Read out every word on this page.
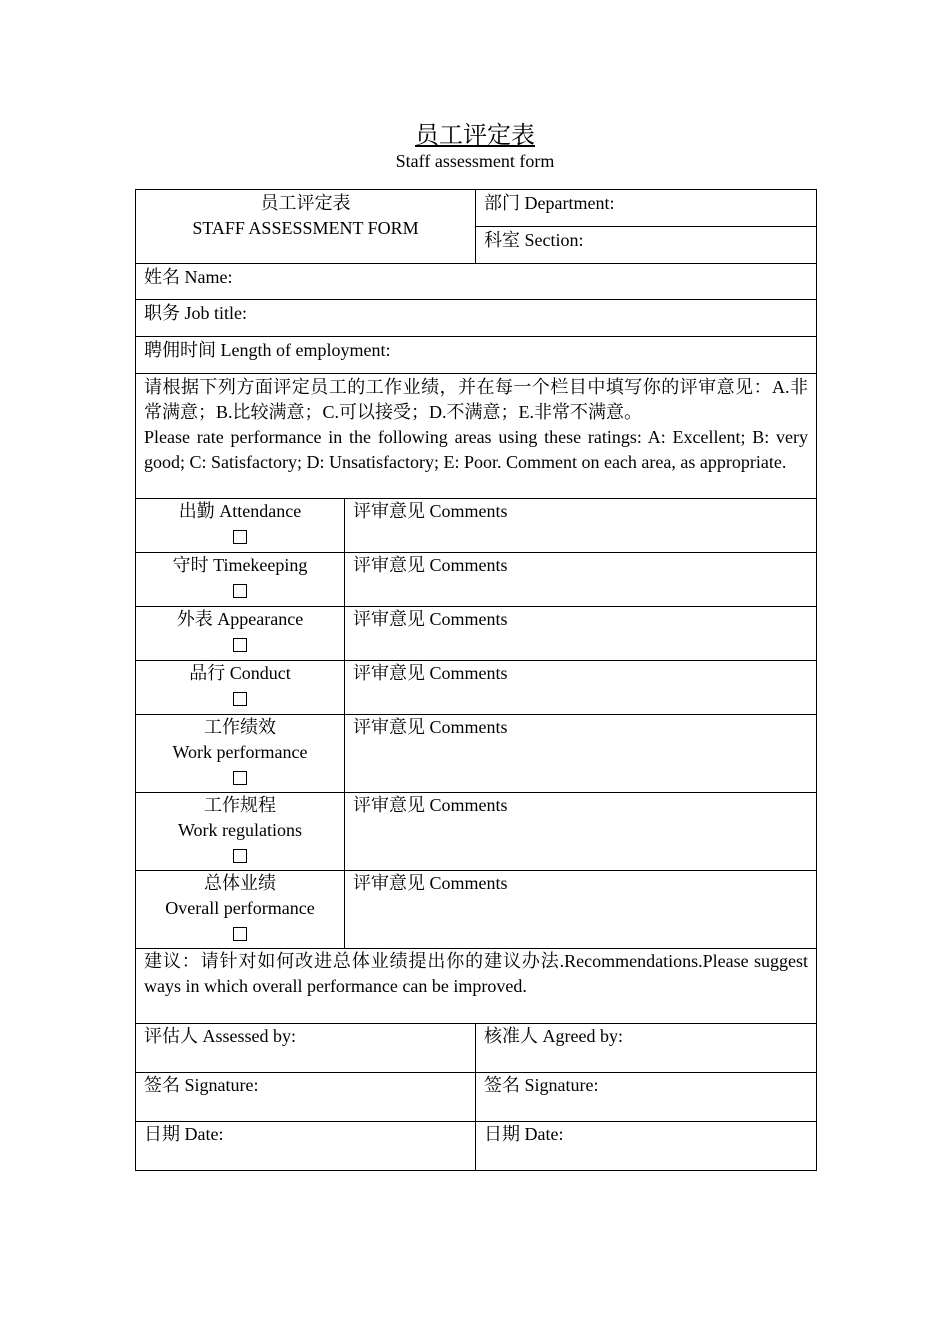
员工评定表
Staff assessment form
员工评定表
STAFF ASSESSMENT FORM		部门 Department:
		科室 Section:
姓名 Name:		
职务 Job title:		
聘佣时间 Length of employment:		

请根据下列方面评定员工的工作业绩，并在每一个栏目中填写你的评审意见：A.非常满意；B.比较满意；C.可以接受；D.不满意；E.非常不满意。
Please rate performance in the following areas using these ratings: A: Excellent; B: very good; C: Satisfactory; D: Unsatisfactory; E: Poor. Comment on each area, as appropriate.		

出勤 Attendance	评审意见 Comments	

守时 Timekeeping	评审意见 Comments	

外表 Appearance	评审意见 Comments	

品行 Conduct	评审意见 Comments	

工作绩效
Work performance	评审意见 Comments	

工作规程
Work regulations	评审意见 Comments	

总体业绩
Overall performance	评审意见 Comments	
建议：请针对如何改进总体业绩提出你的建议办法.Recommendations.Please suggest ways in which overall performance can be improved.		
评估人 Assessed by:		核准人 Agreed by:
签名 Signature:		签名 Signature:
日期 Date:		日期 Date:
